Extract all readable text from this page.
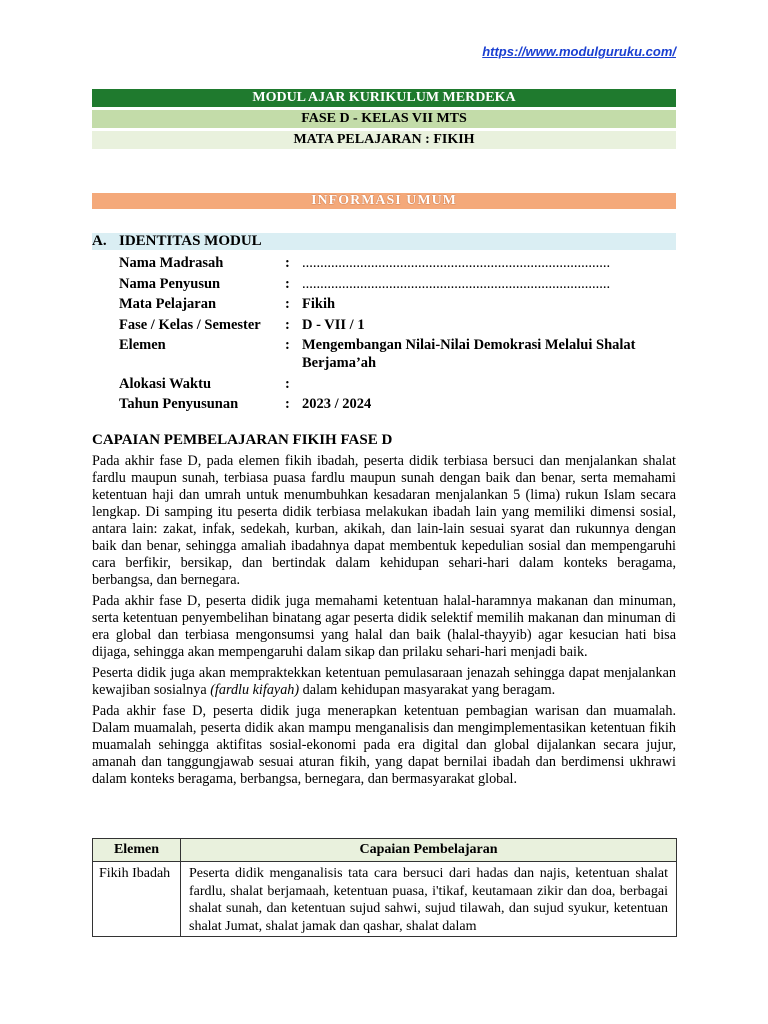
https://www.modulguruku.com/
MODUL AJAR KURIKULUM MERDEKA
FASE D - KELAS VII MTS
MATA PELAJARAN : FIKIH
INFORMASI UMUM
A. IDENTITAS MODUL
Nama Madrasah	: .....................................................................................
Nama Penyusun	: .....................................................................................
Mata Pelajaran	: Fikih
Fase / Kelas / Semester	: D - VII / 1
Elemen	: Mengembangan Nilai-Nilai Demokrasi Melalui Shalat Berjama’ah
Alokasi Waktu	:
Tahun Penyusunan	: 2023 / 2024
CAPAIAN PEMBELAJARAN FIKIH FASE D

Pada akhir fase D, pada elemen fikih ibadah, peserta didik terbiasa bersuci dan menjalankan shalat fardlu maupun sunah, terbiasa puasa fardlu maupun sunah dengan baik dan benar, serta memahami ketentuan haji dan umrah untuk menumbuhkan kesadaran menjalankan 5 (lima) rukun Islam secara lengkap. Di samping itu peserta didik terbiasa melakukan ibadah lain yang memiliki dimensi sosial, antara lain: zakat, infak, sedekah, kurban, akikah, dan lain-lain sesuai syarat dan rukunnya dengan baik dan benar, sehingga amaliah ibadahnya dapat membentuk kepedulian sosial dan mempengaruhi cara berfikir, bersikap, dan bertindak dalam kehidupan sehari-hari dalam konteks beragama, berbangsa, dan bernegara.

Pada akhir fase D, peserta didik juga memahami ketentuan halal-haramnya makanan dan minuman, serta ketentuan penyembelihan binatang agar peserta didik selektif memilih makanan dan minuman di era global dan terbiasa mengonsumsi yang halal dan baik (halal-thayyib) agar kesucian hati bisa dijaga, sehingga akan mempengaruhi dalam sikap dan prilaku sehari-hari menjadi baik.

Peserta didik juga akan mempraktekkan ketentuan pemulasaraan jenazah sehingga dapat menjalankan kewajiban sosialnya (fardlu kifayah) dalam kehidupan masyarakat yang beragam.

Pada akhir fase D, peserta didik juga menerapkan ketentuan pembagian warisan dan muamalah. Dalam muamalah, peserta didik akan mampu menganalisis dan mengimplementasikan ketentuan fikih muamalah sehingga aktifitas sosial-ekonomi pada era digital dan global dijalankan secara jujur, amanah dan tanggungjawab sesuai aturan fikih, yang dapat bernilai ibadah dan berdimensi ukhrawi dalam konteks beragama, berbangsa, bernegara, dan bermasyarakat global.

Elemen	Capaian Pembelajaran
Fikih Ibadah	Peserta didik menganalisis tata cara bersuci dari hadas dan najis, ketentuan shalat fardlu, shalat berjamaah, ketentuan puasa, i'tikaf, keutamaan zikir dan doa, berbagai shalat sunah, dan ketentuan sujud sahwi, sujud tilawah, dan sujud syukur, ketentuan shalat Jumat, shalat jamak dan qashar, shalat dalam
